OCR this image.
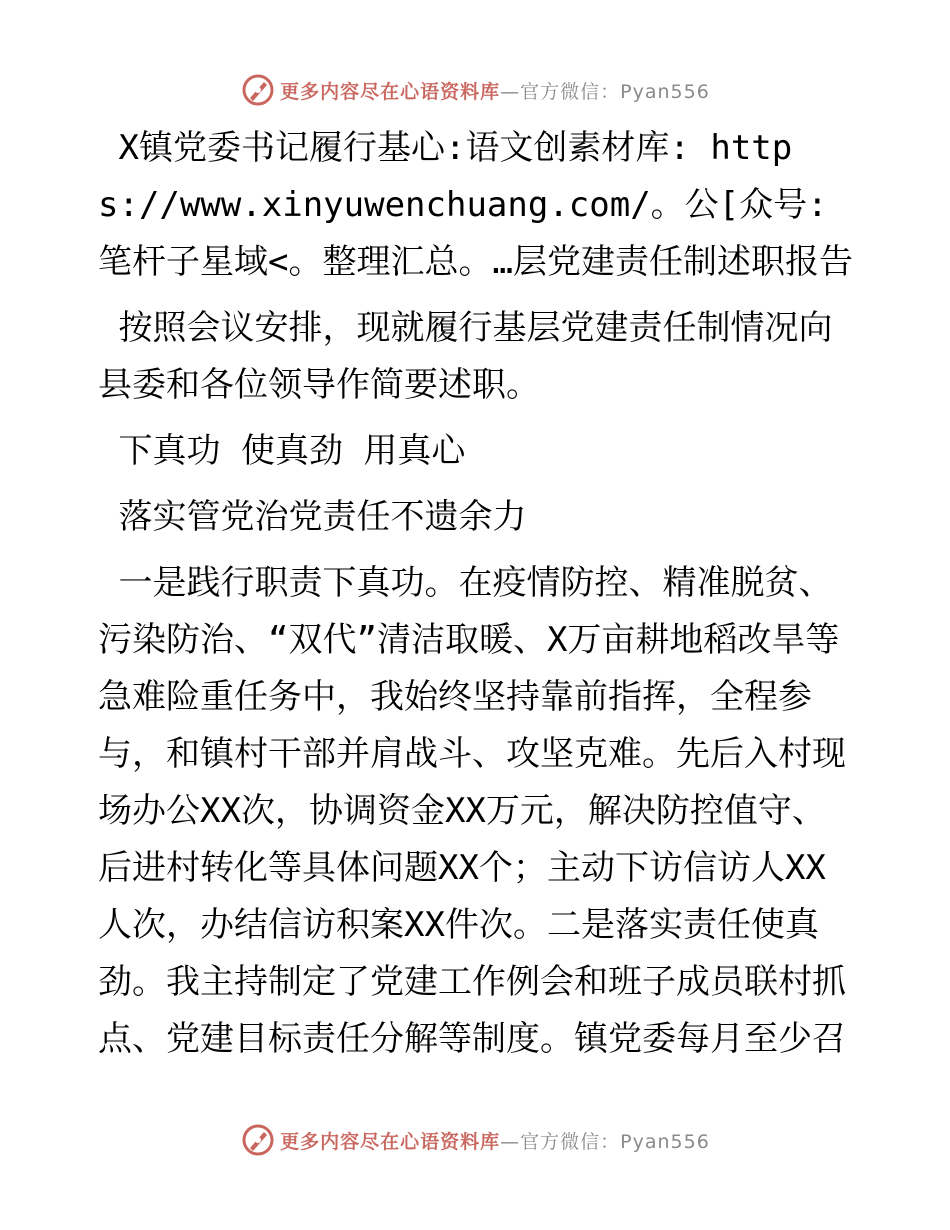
更多内容尽在心语资料库 —官方微信：Pyan556

X镇党委书记履行基心:语文创素材库: https://www.xinyuwenchuang.com/。公[众号: 笔杆子星域<。整理汇总。…层党建责任制述职报告

按照会议安排，现就履行基层党建责任制情况向县委和各位领导作简要述职。

下真功 使真劲 用真心

落实管党治党责任不遗余力

一是践行职责下真功。在疫情防控、精准脱贫、污染防治、“双代”清洁取暖、X万亩耕地稻改旱等急难险重任务中，我始终坚持靠前指挥，全程参与，和镇村干部并肩战斗、攻坚克难。先后入村现场办公XX次，协调资金XX万元，解决防控值守、后进村转化等具体问题XX个；主动下访信访人XX人次，办结信访积案XX件次。二是落实责任使真劲。我主持制定了党建工作例会和班子成员联村抓点、党建目标责任分解等制度。镇党委每月至少召

更多内容尽在心语资料库 —官方微信：Pyan556
